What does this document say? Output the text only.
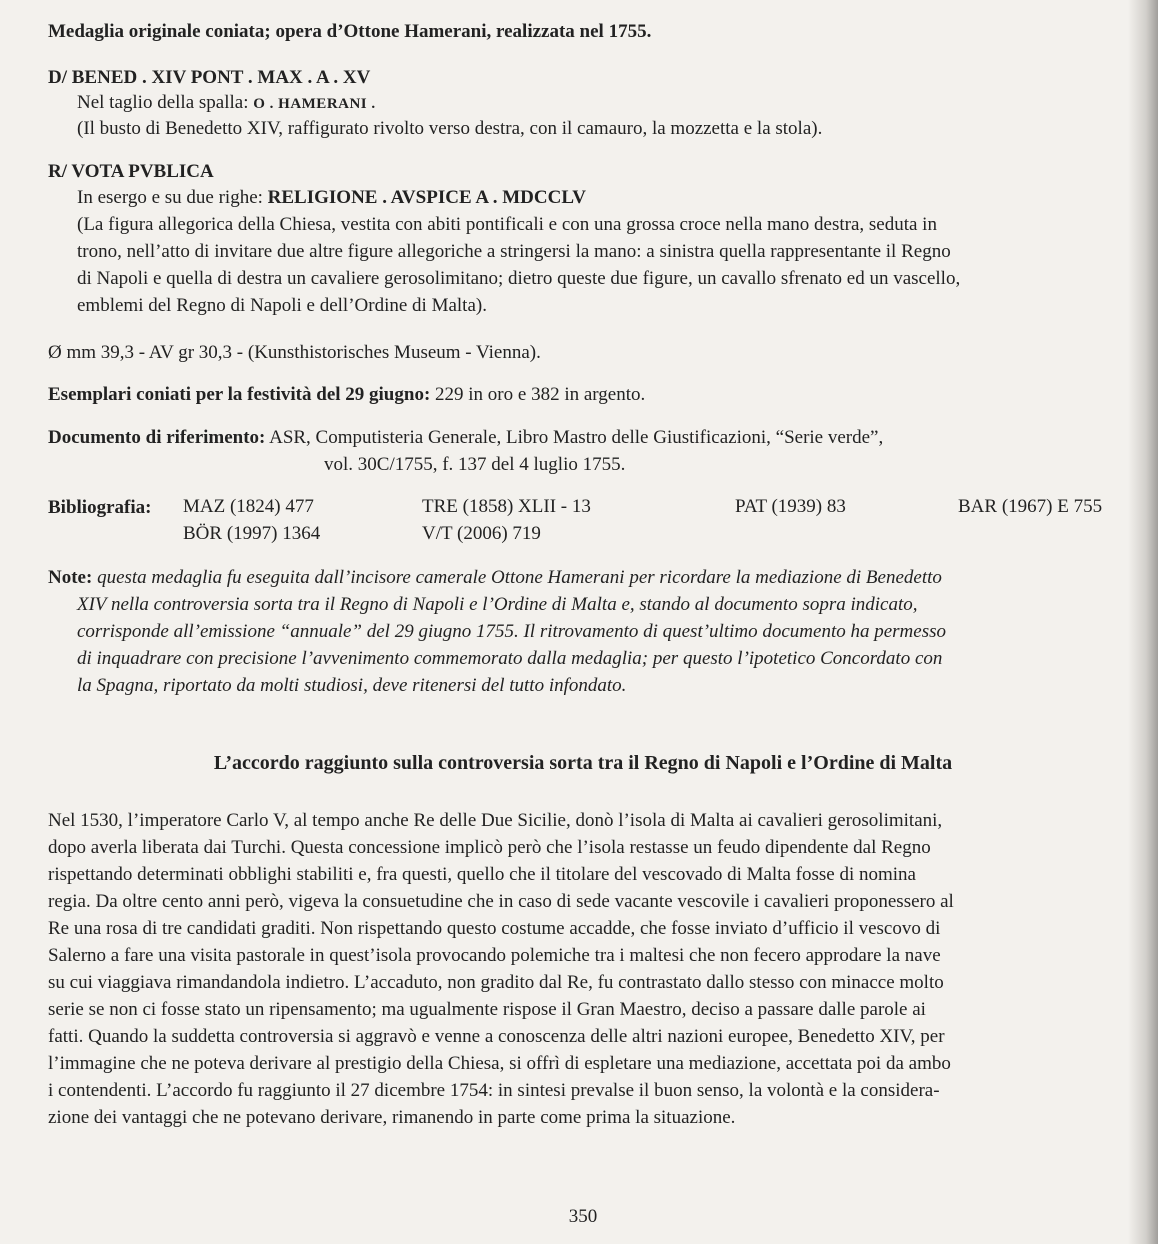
Medaglia originale coniata; opera d’Ottone Hamerani, realizzata nel 1755.
D/ BENED . XIV PONT . MAX . A . XV
Nel taglio della spalla: O . HAMERANI .
(Il busto di Benedetto XIV, raffigurato rivolto verso destra, con il camauro, la mozzetta e la stola).
R/ VOTA PVBLICA
In esergo e su due righe: RELIGIONE . AVSPICE A . MDCCLV
(La figura allegorica della Chiesa, vestita con abiti pontificali e con una grossa croce nella mano destra, seduta in
trono, nell’atto di invitare due altre figure allegoriche a stringersi la mano: a sinistra quella rappresentante il Regno
di Napoli e quella di destra un cavaliere gerosolimitano; dietro queste due figure, un cavallo sfrenato ed un vascello,
emblemi del Regno di Napoli e dell’Ordine di Malta).
Ø mm 39,3 - AV gr 30,3 - (Kunsthistorisches Museum - Vienna).
Esemplari coniati per la festività del 29 giugno: 229 in oro e 382 in argento.
Documento di riferimento: ASR, Computisteria Generale, Libro Mastro delle Giustificazioni, “Serie verde”,
vol. 30C/1755, f. 137 del 4 luglio 1755.
Bibliografia: MAZ (1824) 477	TRE (1858) XLII - 13	PAT (1939) 83	BAR (1967) E 755
BÖR (1997) 1364	V/T (2006) 719
Note: questa medaglia fu eseguita dall’incisore camerale Ottone Hamerani per ricordare la mediazione di Benedetto
XIV nella controversia sorta tra il Regno di Napoli e l’Ordine di Malta e, stando al documento sopra indicato,
corrisponde all’emissione “annuale” del 29 giugno 1755. Il ritrovamento di quest’ultimo documento ha permesso
di inquadrare con precisione l’avvenimento commemorato dalla medaglia; per questo l’ipotetico Concordato con
la Spagna, riportato da molti studiosi, deve ritenersi del tutto infondato.
L’accordo raggiunto sulla controversia sorta tra il Regno di Napoli e l’Ordine di Malta
Nel 1530, l’imperatore Carlo V, al tempo anche Re delle Due Sicilie, donò l’isola di Malta ai cavalieri gerosolimitani,
dopo averla liberata dai Turchi. Questa concessione implicò però che l’isola restasse un feudo dipendente dal Regno
rispettando determinati obblighi stabiliti e, fra questi, quello che il titolare del vescovado di Malta fosse di nomina
regia. Da oltre cento anni però, vigeva la consuetudine che in caso di sede vacante vescovile i cavalieri proponessero al
Re una rosa di tre candidati graditi. Non rispettando questo costume accadde, che fosse inviato d’ufficio il vescovo di
Salerno a fare una visita pastorale in quest’isola provocando polemiche tra i maltesi che non fecero approdare la nave
su cui viaggiava rimandandola indietro. L’accaduto, non gradito dal Re, fu contrastato dallo stesso con minacce molto
serie se non ci fosse stato un ripensamento; ma ugualmente rispose il Gran Maestro, deciso a passare dalle parole ai
fatti. Quando la suddetta controversia si aggravò e venne a conoscenza delle altri nazioni europee, Benedetto XIV, per
l’immagine che ne poteva derivare al prestigio della Chiesa, si offrì di espletare una mediazione, accettata poi da ambo
i contendenti. L’accordo fu raggiunto il 27 dicembre 1754: in sintesi prevalse il buon senso, la volontà e la considera-
zione dei vantaggi che ne potevano derivare, rimanendo in parte come prima la situazione.
350
